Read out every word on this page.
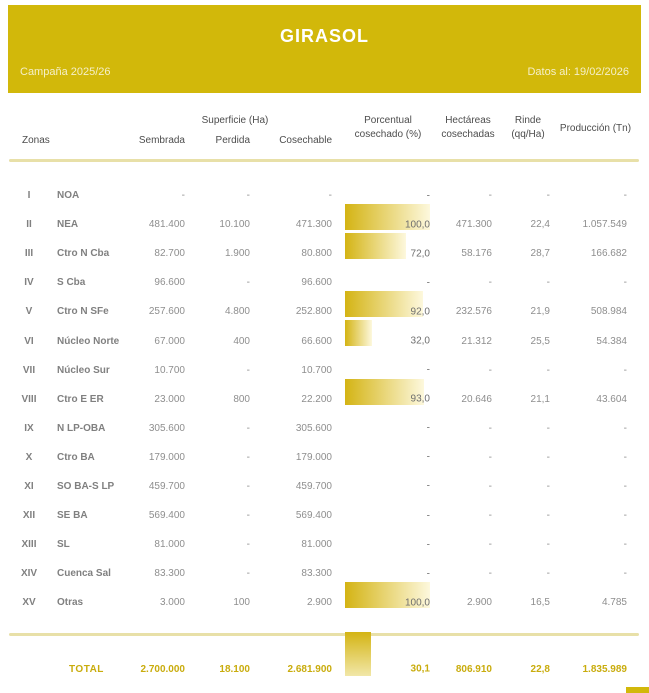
GIRASOL
Campaña 2025/26	Datos al: 19/02/2026
Zonas
Superficie (Ha)
Sembrada	Perdida	Cosechable
Porcentual
cosechado (%)
Hectáreas
cosechadas
Rinde
(qq/Ha)
Producción (Tn)
I	NOA	-	-	-	-	-	-	-
II	NEA	481.400	10.100	471.300	100,0	471.300	22,4	1.057.549
III	Ctro N Cba	82.700	1.900	80.800	72,0	58.176	28,7	166.682
IV	S Cba	96.600	-	96.600	-	-	-	-
V	Ctro N SFe	257.600	4.800	252.800	92,0	232.576	21,9	508.984
VI	Núcleo Norte	67.000	400	66.600	32,0	21.312	25,5	54.384
VII	Núcleo Sur	10.700	-	10.700	-	-	-	-
VIII	Ctro E ER	23.000	800	22.200	93,0	20.646	21,1	43.604
IX	N LP-OBA	305.600	-	305.600	-	-	-	-
X	Ctro BA	179.000	-	179.000	-	-	-	-
XI	SO BA-S LP	459.700	-	459.700	-	-	-	-
XII	SE BA	569.400	-	569.400	-	-	-	-
XIII	SL	81.000	-	81.000	-	-	-	-
XIV	Cuenca Sal	83.300	-	83.300	-	-	-	-
XV	Otras	3.000	100	2.900	100,0	2.900	16,5	4.785
TOTAL	2.700.000	18.100	2.681.900	30,1	806.910	22,8	1.835.989
